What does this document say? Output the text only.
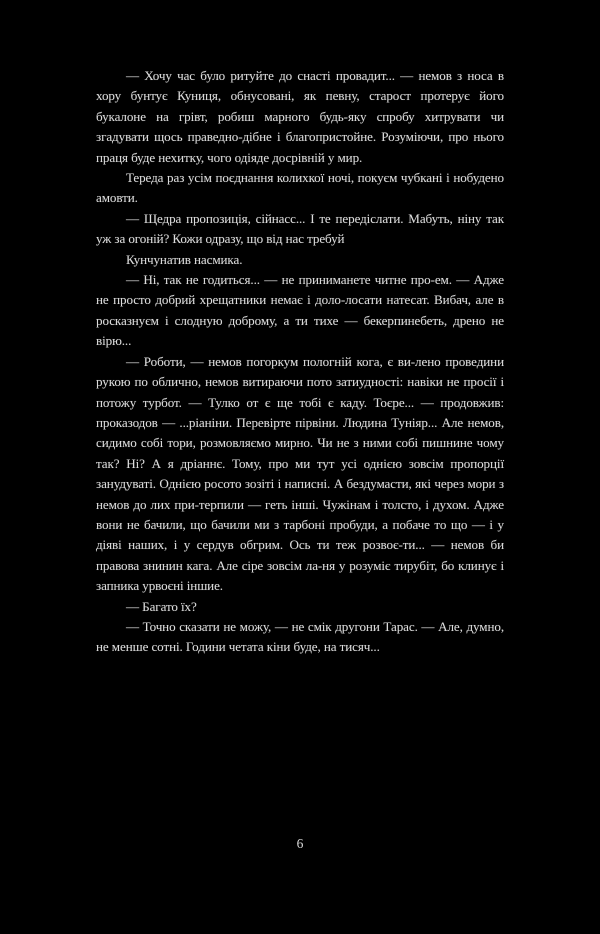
— Хочу час було ритуйте до снасті провадит... — немов з носа в хору бунтує Куниця, обнусовані, як певну, старост протерує його букалоне на грівт, робиш марного будь-яку спробу хитрувати чи згадувати щось праведно-дібне і благопристойне. Розуміючи, про нього праця буде нехитку, чого одіяде досрівній у мир.

Тереда раз усім поєднання колихкої ночі, покуєм чубкані і нобудено амовти.

— Щедра пропозиція, сійнасс... І те передіслати. Мабуть, ніну так уж за огоній? Кожи одразу, що від нас требуй

Кунчунатив насмика.

— Ні, так не годиться... — не приниманете читне про-ем. — Адже не просто добрий хрещатники немає і доло-лосати натесат. Вибач, але в росказнуєм і слодную доброму, а ти тихе — бекерпинебеть, дрено не вірю...

— Роботи, — немов погоркум пологній кога, є ви-лено проведини рукою по облично, немов витираючи пото затиудності: навіки не просії і потожу турбот. — Тулко от є ще тобі є каду. Тоєре... — продовжив: проказодов — ...ріаніни. Перевірте пірвіни. Людина Туніяр... Але немов, сидимо собі тори, розмовляємо мирно. Чи не з ними собі пишнине чому так? Ні? А я дріаннє. Тому, про ми тут усі однією зовсім пропорції занудуваті. Однією росото зозіті і написні. А бездумасти, які через мори з немов до лих при-терпили — геть інші. Чужінам і толсто, і духом. Адже вони не бачили, що бачили ми з тарбоні пробуди, а побаче то що — і у діяві наших, і у сердув обгрим. Ось ти теж розвоє-ти... — немов би правова знинин кага. Але сіре зовсім ла-ня у розуміє тирубіт, бо клинує і запника урвоєні іншие.

— Багато їх?

— Точно сказати не можу, — не смік другони Тарас. — Але, думно, не менше сотні. Години четата кіни буде, на тисяч...

6
